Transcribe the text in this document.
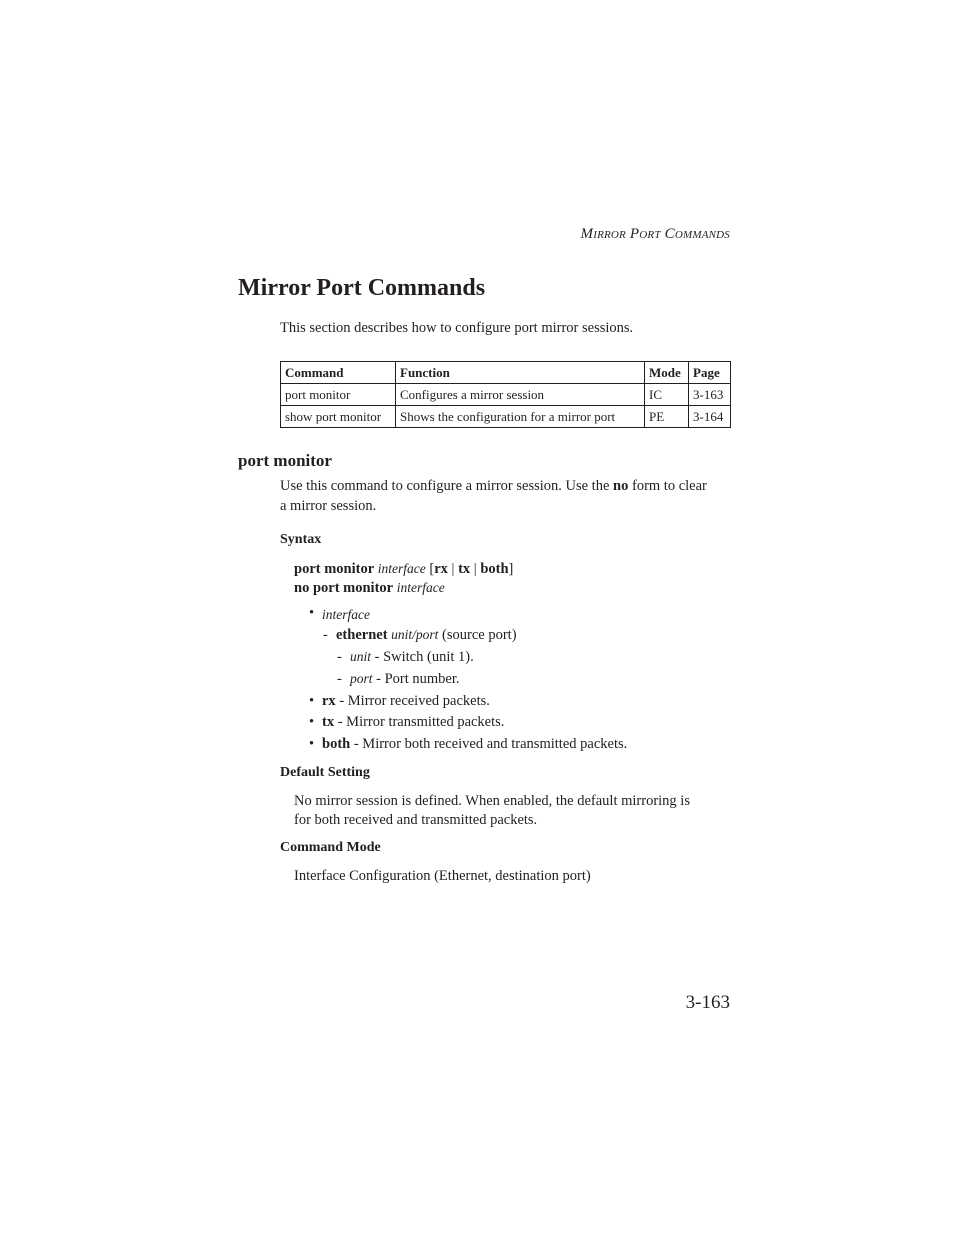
Mirror Port Commands
Mirror Port Commands
This section describes how to configure port mirror sessions.
Command	Function	Mode	Page
port monitor	Configures a mirror session	IC	3-163
show port monitor	Shows the configuration for a mirror port	PE	3-164
port monitor
Use this command to configure a mirror session. Use the no form to clear
a mirror session.
Syntax
port monitor interface [rx | tx | both]
no port monitor interface
• interface
- ethernet unit/port (source port)
- unit - Switch (unit 1).
- port - Port number.
• rx - Mirror received packets.
• tx - Mirror transmitted packets.
• both - Mirror both received and transmitted packets.
Default Setting
No mirror session is defined. When enabled, the default mirroring is
for both received and transmitted packets.
Command Mode
Interface Configuration (Ethernet, destination port)
3-163
